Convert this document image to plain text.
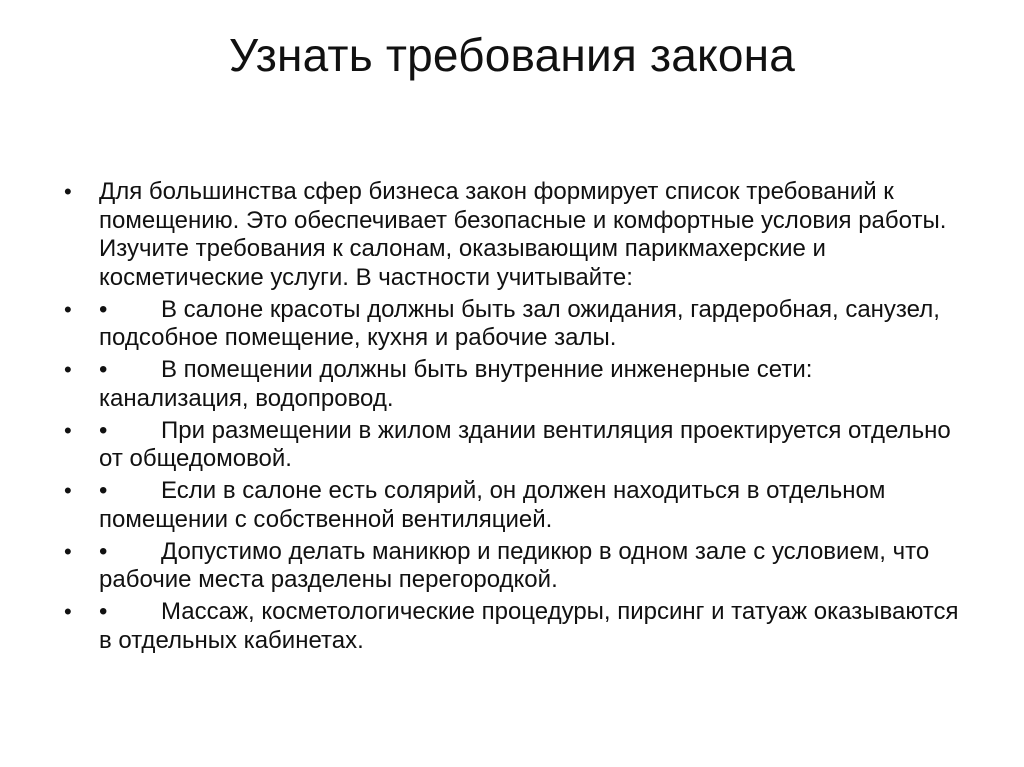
Узнать требования закона
• Для большинства сфер бизнеса закон формирует список требований к помещению. Это обеспечивает безопасные и комфортные условия работы. Изучите требования к салонам, оказывающим парикмахерские и косметические услуги. В частности учитывайте:
• • В салоне красоты должны быть зал ожидания, гардеробная, санузел, подсобное помещение, кухня и рабочие залы.
• • В помещении должны быть внутренние инженерные сети: канализация, водопровод.
• • При размещении в жилом здании вентиляция проектируется отдельно от общедомовой.
• • Если в салоне есть солярий, он должен находиться в отдельном помещении с собственной вентиляцией.
• • Допустимо делать маникюр и педикюр в одном зале с условием, что рабочие места разделены перегородкой.
• • Массаж, косметологические процедуры, пирсинг и татуаж оказываются в отдельных кабинетах.
